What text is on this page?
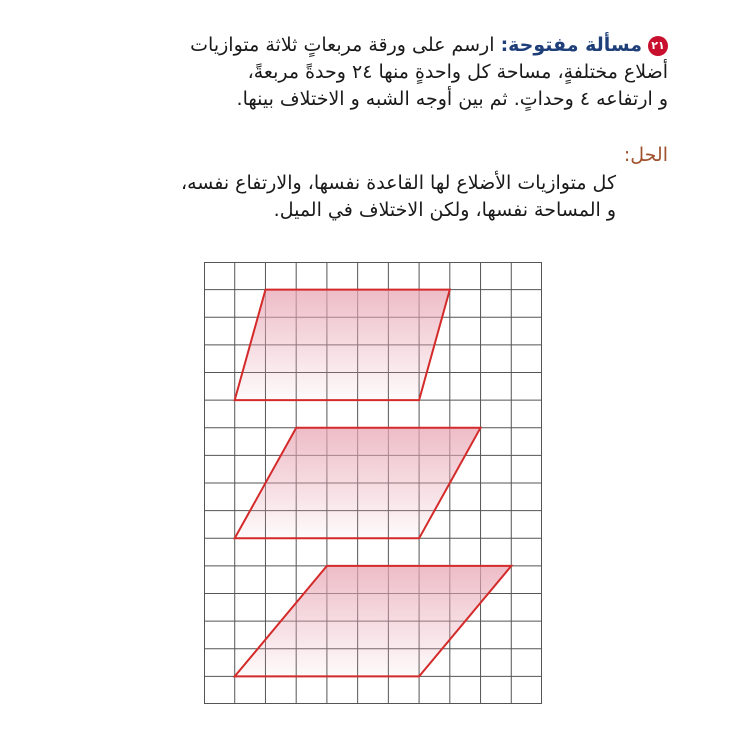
٢١مسألة مفتوحة: ارسم على ورقة مربعاتٍ ثلاثة متوازيات
أضلاع مختلفةٍ، مساحة كل واحدةٍ منها ٢٤ وحدةً مربعةً،
و ارتفاعه ٤ وحداتٍ. ثم بين أوجه الشبه و الاختلاف بينها.
الحل:
كل متوازيات الأضلاع لها القاعدة نفسها، والارتفاع نفسه،
و المساحة نفسها، ولكن الاختلاف في الميل.
